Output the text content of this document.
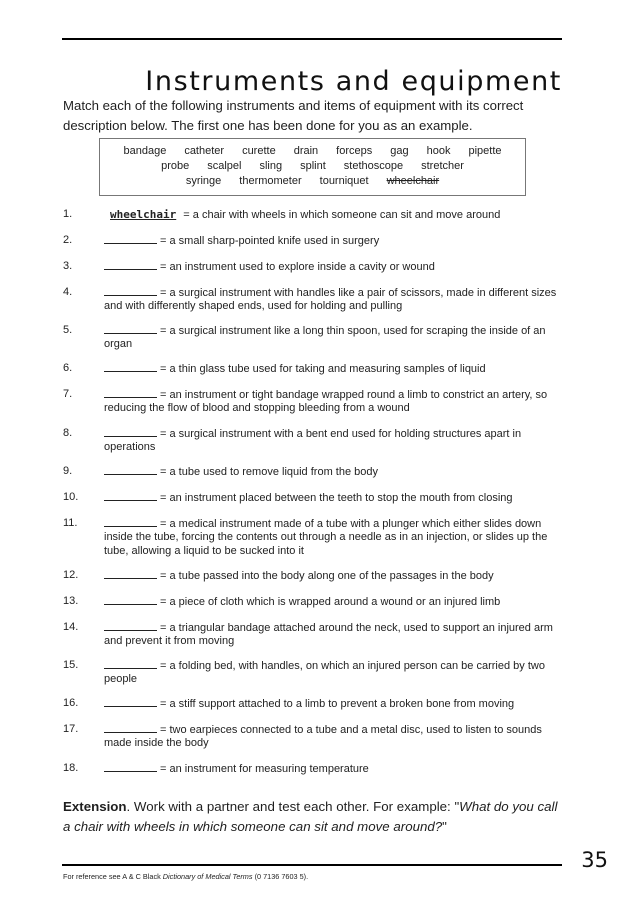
Instruments and equipment

Match each of the following instruments and items of equipment with its correct description below. The first one has been done for you as an example.

bandage catheter curette drain forceps gag hook pipette
probe scalpel sling splint stethoscope stretcher
syringe thermometer tourniquet wheelchair
1.	wheelchair = a chair with wheels in which someone can sit and move around
2.	= a small sharp-pointed knife used in surgery
3.	= an instrument used to explore inside a cavity or wound
4.	= a surgical instrument with handles like a pair of scissors, made in different sizes and with differently shaped ends, used for holding and pulling
5.	= a surgical instrument like a long thin spoon, used for scraping the inside of an organ
6.	= a thin glass tube used for taking and measuring samples of liquid
7.	= an instrument or tight bandage wrapped round a limb to constrict an artery, so reducing the flow of blood and stopping bleeding from a wound
8.	= a surgical instrument with a bent end used for holding structures apart in operations
9.	= a tube used to remove liquid from the body
10.	= an instrument placed between the teeth to stop the mouth from closing
11.	= a medical instrument made of a tube with a plunger which either slides down inside the tube, forcing the contents out through a needle as in an injection, or slides up the tube, allowing a liquid to be sucked into it
12.	= a tube passed into the body along one of the passages in the body
13.	= a piece of cloth which is wrapped around a wound or an injured limb
14.	= a triangular bandage attached around the neck, used to support an injured arm and prevent it from moving
15.	= a folding bed, with handles, on which an injured person can be carried by two people
16.	= a stiff support attached to a limb to prevent a broken bone from moving
17.	= two earpieces connected to a tube and a metal disc, used to listen to sounds made inside the body
18.	= an instrument for measuring temperature

Extension. Work with a partner and test each other. For example: "What do you call a chair with wheels in which someone can sit and move around?"

35
For reference see A & C Black Dictionary of Medical Terms (0 7136 7603 5).
